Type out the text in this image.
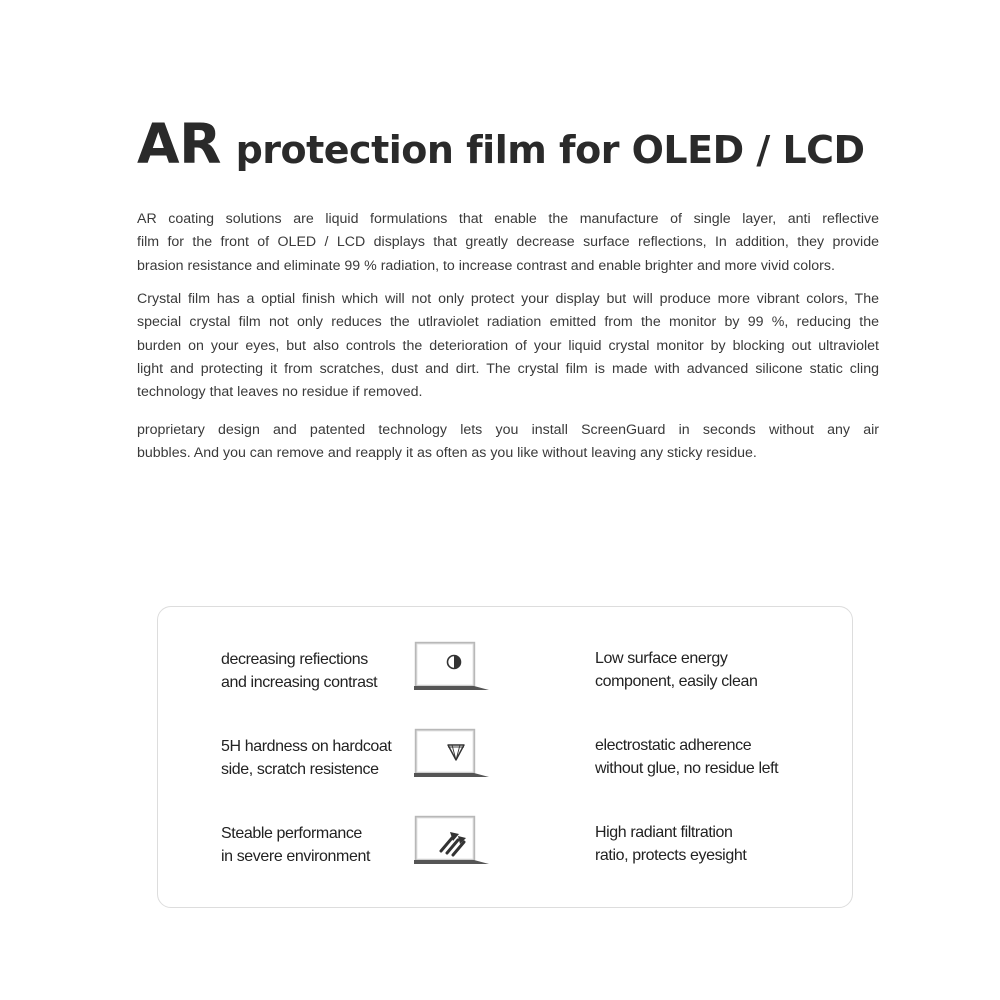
AR protection film for OLED / LCD

AR coating solutions are liquid formulations that enable the manufacture of single layer, anti reflective
film for the front of OLED / LCD displays that greatly decrease surface reflections, In addition, they provide
brasion resistance and eliminate 99 % radiation, to increase contrast and enable brighter and more vivid colors.

Crystal film has a optial finish which will not only protect your display but will produce more vibrant colors, The
special crystal film not only reduces the utlraviolet radiation emitted from the monitor by 99 %, reducing the
burden on your eyes, but also controls the deterioration of your liquid crystal monitor by blocking out ultraviolet
light and protecting it from scratches, dust and dirt. The crystal film is made with advanced silicone static cling
technology that leaves no residue if removed.

proprietary design and patented technology lets you install ScreenGuard in seconds without any air
bubbles. And you can remove and reapply it as often as you like without leaving any sticky residue.

decreasing refiections
and increasing contrast

5H hardness on hardcoat
side, scratch resistence

Steable performance
in severe environment

Low surface energy
component, easily clean

electrostatic adherence
without glue, no residue left

High radiant filtration
ratio, protects eyesight
